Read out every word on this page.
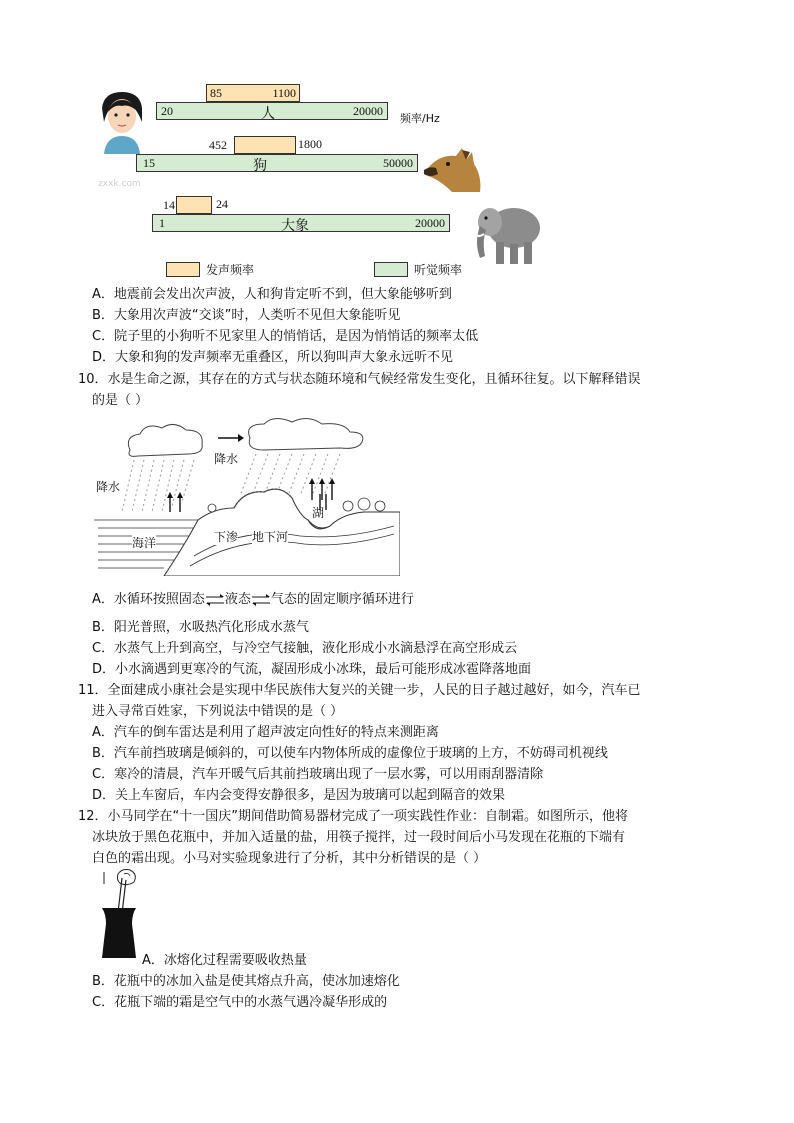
85	1100
20	人	20000
频率/Hz
452	1800
15	狗	50000
zxxk.com
14	24
1	大象	20000
发声频率	听觉频率
A．地震前会发出次声波，人和狗肯定听不到，但大象能够听到
B．大象用次声波“交谈”时，人类听不见但大象能听见
C．院子里的小狗听不见家里人的悄悄话，是因为悄悄话的频率太低
D．大象和狗的发声频率无重叠区，所以狗叫声大象永远听不见
10．水是生命之源，其存在的方式与状态随环境和气候经常发生变化，且循环往复。以下解释错误
的是（ ）
降水
降水
海洋
湖
下渗 地下河
A．水循环按照固态⇌液态⇌气态的固定顺序循环进行
B．阳光普照，水吸热汽化形成水蒸气
C．水蒸气上升到高空，与冷空气接触，液化形成小水滴悬浮在高空形成云
D．小水滴遇到更寒冷的气流，凝固形成小冰珠，最后可能形成冰雹降落地面
11．全面建成小康社会是实现中华民族伟大复兴的关键一步，人民的日子越过越好，如今，汽车已
进入寻常百姓家，下列说法中错误的是（ ）
A．汽车的倒车雷达是利用了超声波定向性好的特点来测距离
B．汽车前挡玻璃是倾斜的，可以使车内物体所成的虚像位于玻璃的上方，不妨碍司机视线
C．寒冷的清晨，汽车开暖气后其前挡玻璃出现了一层水雾，可以用雨刮器清除
D．关上车窗后，车内会变得安静很多，是因为玻璃可以起到隔音的效果
12．小马同学在“十一国庆”期间借助简易器材完成了一项实践性作业：自制霜。如图所示，他将
冰块放于黑色花瓶中，并加入适量的盐，用筷子搅拌，过一段时间后小马发现在花瓶的下端有
白色的霜出现。小马对实验现象进行了分析，其中分析错误的是（ ）
A．冰熔化过程需要吸收热量
B．花瓶中的冰加入盐是使其熔点升高，使冰加速熔化
C．花瓶下端的霜是空气中的水蒸气遇冷凝华形成的
